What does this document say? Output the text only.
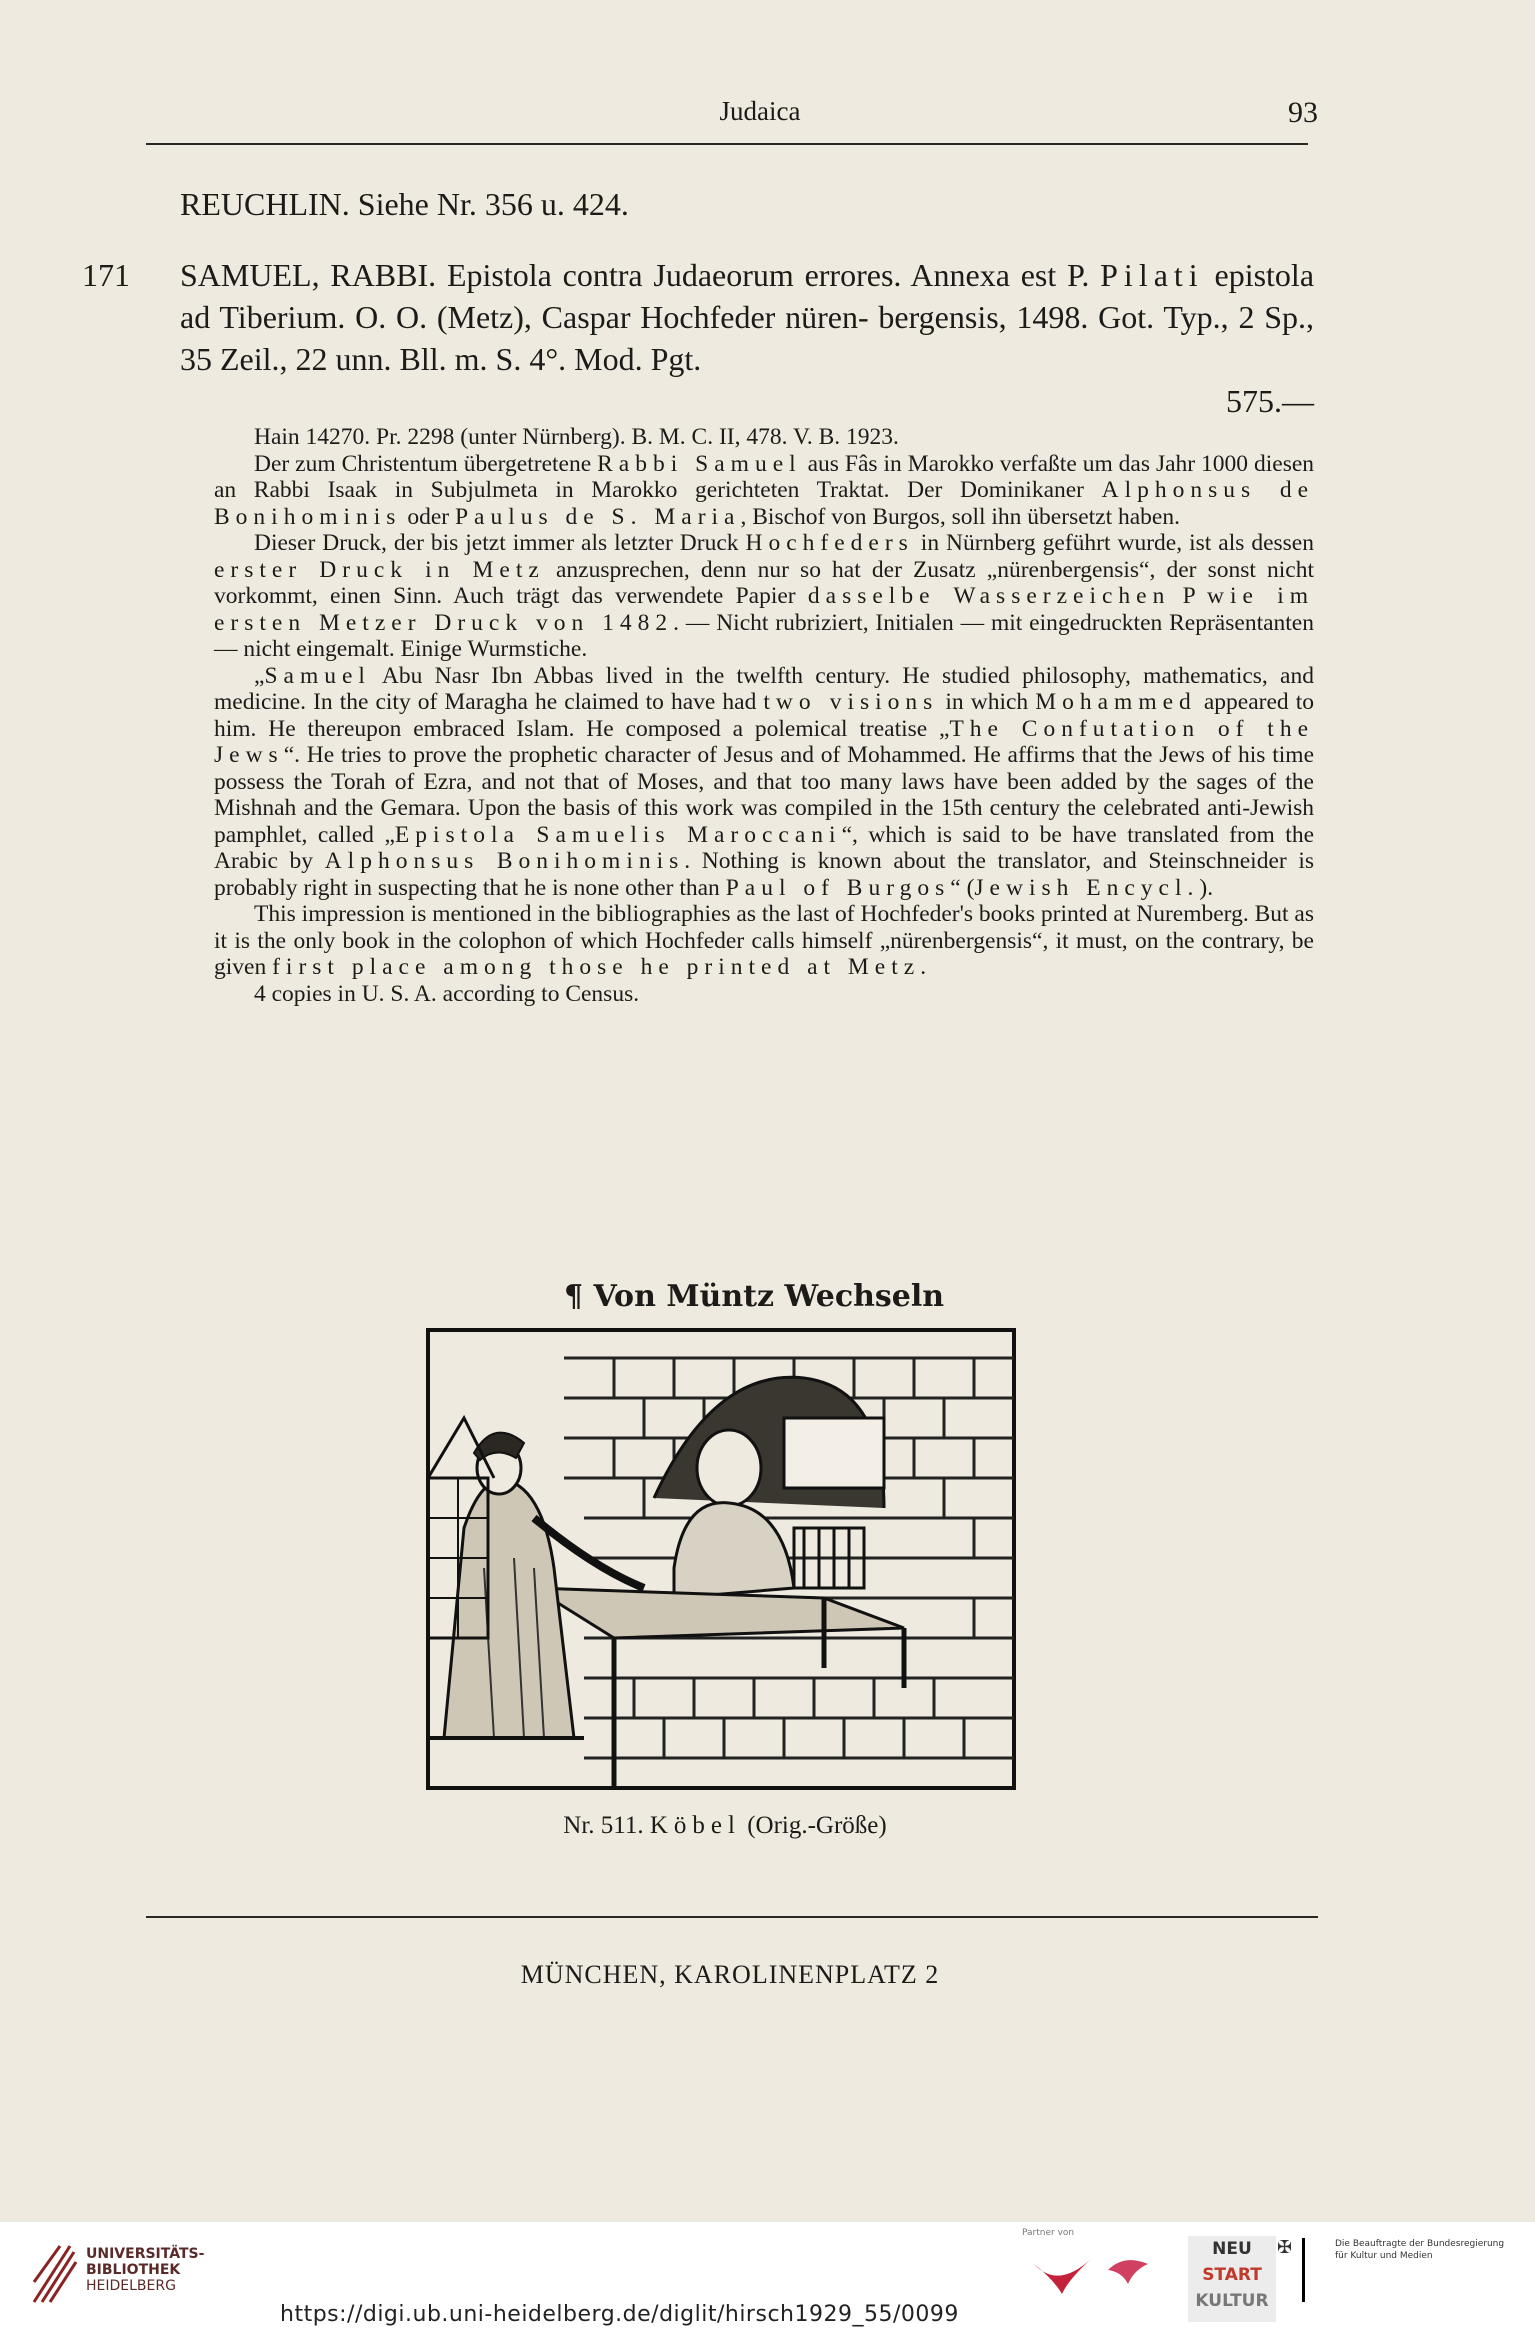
Judaica	93

REUCHLIN. Siehe Nr. 356 u. 424.

171 SAMUEL, RABBI. Epistola contra Judaeorum errores. Annexa est P. Pilati epistola ad Tiberium. O. O. (Metz), Caspar Hochfeder nüren- bergensis, 1498. Got. Typ., 2 Sp., 35 Zeil., 22 unn. Bll. m. S. 4°. Mod. Pgt.

575.—

Hain 14270. Pr. 2298 (unter Nürnberg). B. M. C. II, 478. V. B. 1923.

Der zum Christentum übergetretene Rabbi Samuel aus Fâs in Marokko verfaßte um das Jahr 1000 diesen an Rabbi Isaak in Subjulmeta in Marokko gerichteten Traktat. Der Dominikaner Alphonsus de Bonihominis oder Paulus de S. Maria, Bischof von Burgos, soll ihn übersetzt haben.

Dieser Druck, der bis jetzt immer als letzter Druck Hochfeders in Nürnberg geführt wurde, ist als dessen erster Druck in Metz anzusprechen, denn nur so hat der Zusatz „nürenbergensis“, der sonst nicht vorkommt, einen Sinn. Auch trägt das verwendete Papier dasselbe Wasserzeichen P wie im ersten Metzer Druck von 1482. — Nicht rubriziert, Initialen — mit eingedruckten Repräsentanten — nicht eingemalt. Einige Wurmstiche.

„Samuel Abu Nasr Ibn Abbas lived in the twelfth century. He studied philosophy, mathematics, and medicine. In the city of Maragha he claimed to have had two visions in which Mohammed appeared to him. He thereupon embraced Islam. He composed a polemical treatise „The Confutation of the Jews“. He tries to prove the prophetic character of Jesus and of Mohammed. He affirms that the Jews of his time possess the Torah of Ezra, and not that of Moses, and that too many laws have been added by the sages of the Mishnah and the Gemara. Upon the basis of this work was compiled in the 15th century the celebrated anti-Jewish pamphlet, called „Epistola Samuelis Maroccani“, which is said to be have translated from the Arabic by Alphonsus Bonihominis. Nothing is known about the translator, and Steinschneider is probably right in suspecting that he is none other than Paul of Burgos“ (Jewish Encycl.).

This impression is mentioned in the bibliographies as the last of Hochfeder's books printed at Nuremberg. But as it is the only book in the colophon of which Hochfeder calls himself „nürenbergensis“, it must, on the contrary, be given first place among those he printed at Metz.

4 copies in U. S. A. according to Census.

¶ Von Müntz Wechseln
Nr. 511. Köbel (Orig.-Größe)
MÜNCHEN, KAROLINENPLATZ 2
UNIVERSITÄTS-
BIBLIOTHEK
HEIDELBERG
Partner von
NEU
START
KULTUR
✠	Die Beauftragte der Bundesregierung
für Kultur und Medien
https://digi.ub.uni-heidelberg.de/diglit/hirsch1929_55/0099
